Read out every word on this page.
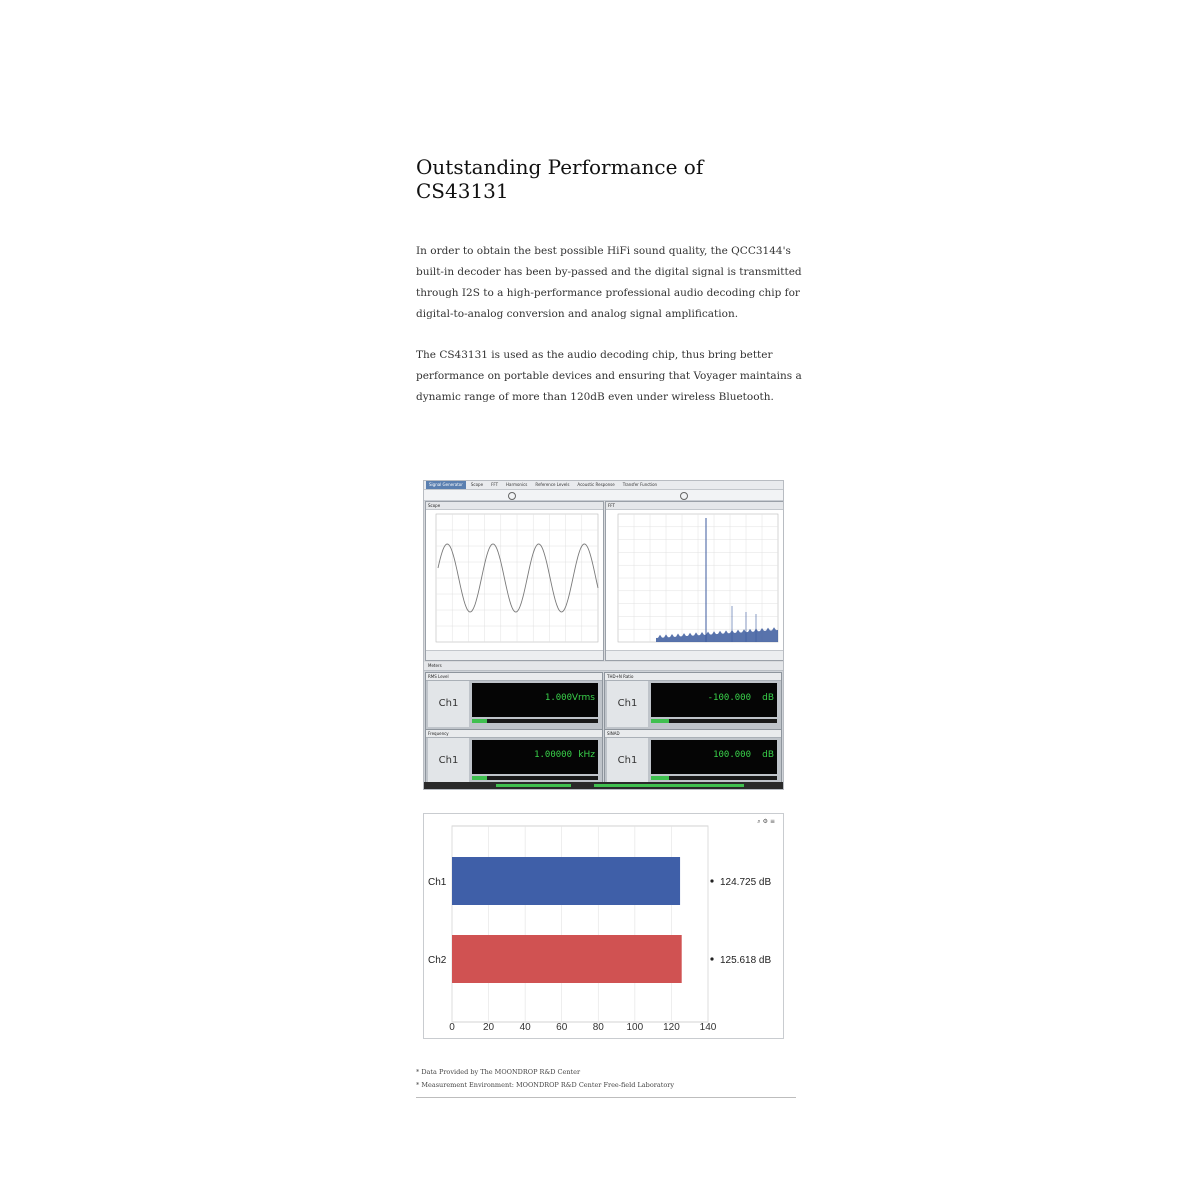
Outstanding Performance of
CS43131

In order to obtain the best possible HiFi sound quality, the QCC3144's built-in decoder has been by-passed and the digital signal is transmitted through I2S to a high-performance professional audio decoding chip for digital-to-analog conversion and analog signal amplification.

The CS43131 is used as the audio decoding chip, thus bring better performance on portable devices and ensuring that Voyager maintains a dynamic range of more than 120dB even under wireless Bluetooth.

Signal Generator	Scope	FFT	Harmonics	Reference Levels	Acoustic Response	Transfer Function
Scope	FFT
Meters
RMS Level
Ch1	1.000 Vrms
THD+N Ratio
Ch1	-100.000 dB
Frequency
Ch1	1.00000 kHz
SINAD
Ch1	100.000 dB
⌕⚙≡
0	20	40	60	80 100 120 140
Ch1	124.725 dB
Ch2	125.618 dB

* Data Provided by The MOONDROP R&D Center

* Measurement Environment: MOONDROP R&D Center Free-field Laboratory
